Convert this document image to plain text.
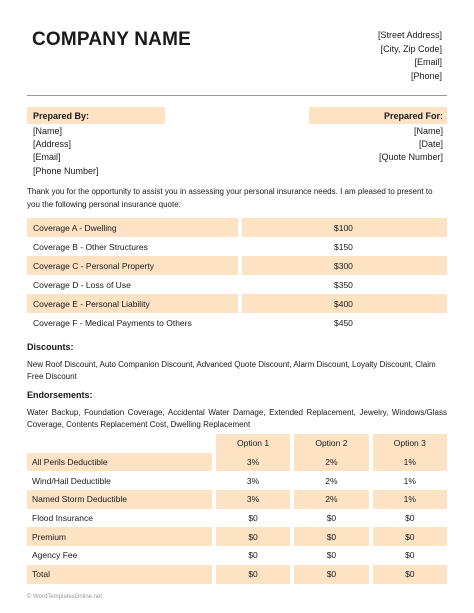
COMPANY NAME	[Street Address]
[City, Zip Code]
[Email]
[Phone]
Prepared By:
[Name]
[Address]
[Email]
[Phone Number]
Prepared For:
[Name]
[Date]
[Quote Number]
Thank you for the opportunity to assist you in assessing your personal insurance needs. I am pleased to present to you the following personal insurance quote:
Coverage A - Dwelling		$100
Coverage B - Other Structures		$150
Coverage C - Personal Property		$300
Coverage D - Loss of Use		$350
Coverage E - Personal Liability		$400
Coverage F - Medical Payments to Others		$450
Discounts:
New Roof Discount, Auto Companion Discount, Advanced Quote Discount, Alarm Discount, Loyalty Discount, Claim Free Discount
Endorsements:
Water Backup, Foundation Coverage, Accidental Water Damage, Extended Replacement, Jewelry, Windows/Glass Coverage, Contents Replacement Cost, Dwelling Replacement
		Option 1		Option 2		Option 3
All Perils Deductible		3%		2%		1%
Wind/Hail Deductible		3%		2%		1%
Named Storm Deductible		3%		2%		1%
Flood Insurance		$0		$0		$0
Premium		$0		$0		$0
Agency Fee		$0		$0		$0
Total		$0		$0		$0
© WordTemplatesOnline.net
